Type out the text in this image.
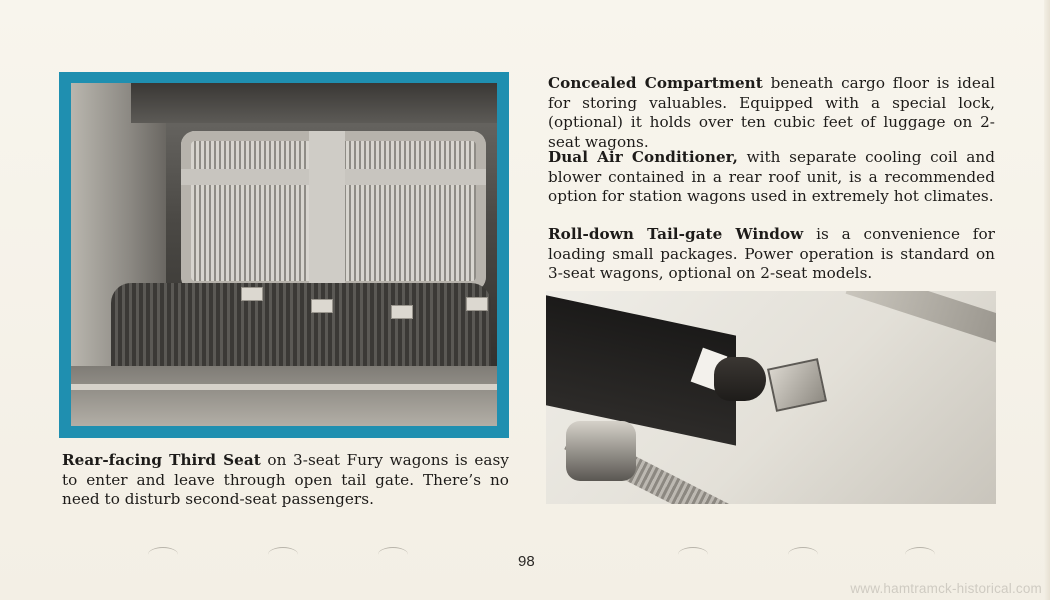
Rear-facing Third Seat on 3-seat Fury wagons is easy to enter and leave through open tail gate. There’s no need to disturb second-seat passengers.
Concealed Compartment beneath cargo floor is ideal for storing valuables. Equipped with a special lock, (optional) it holds over ten cubic feet of luggage on 2-seat wagons.
Dual Air Conditioner, with separate cooling coil and blower contained in a rear roof unit, is a recommended option for station wagons used in extremely hot climates.
Roll-down Tail-gate Window is a convenience for loading small packages. Power operation is standard on 3-seat wagons, optional on 2-seat models.
98
www.hamtramck-historical.com
